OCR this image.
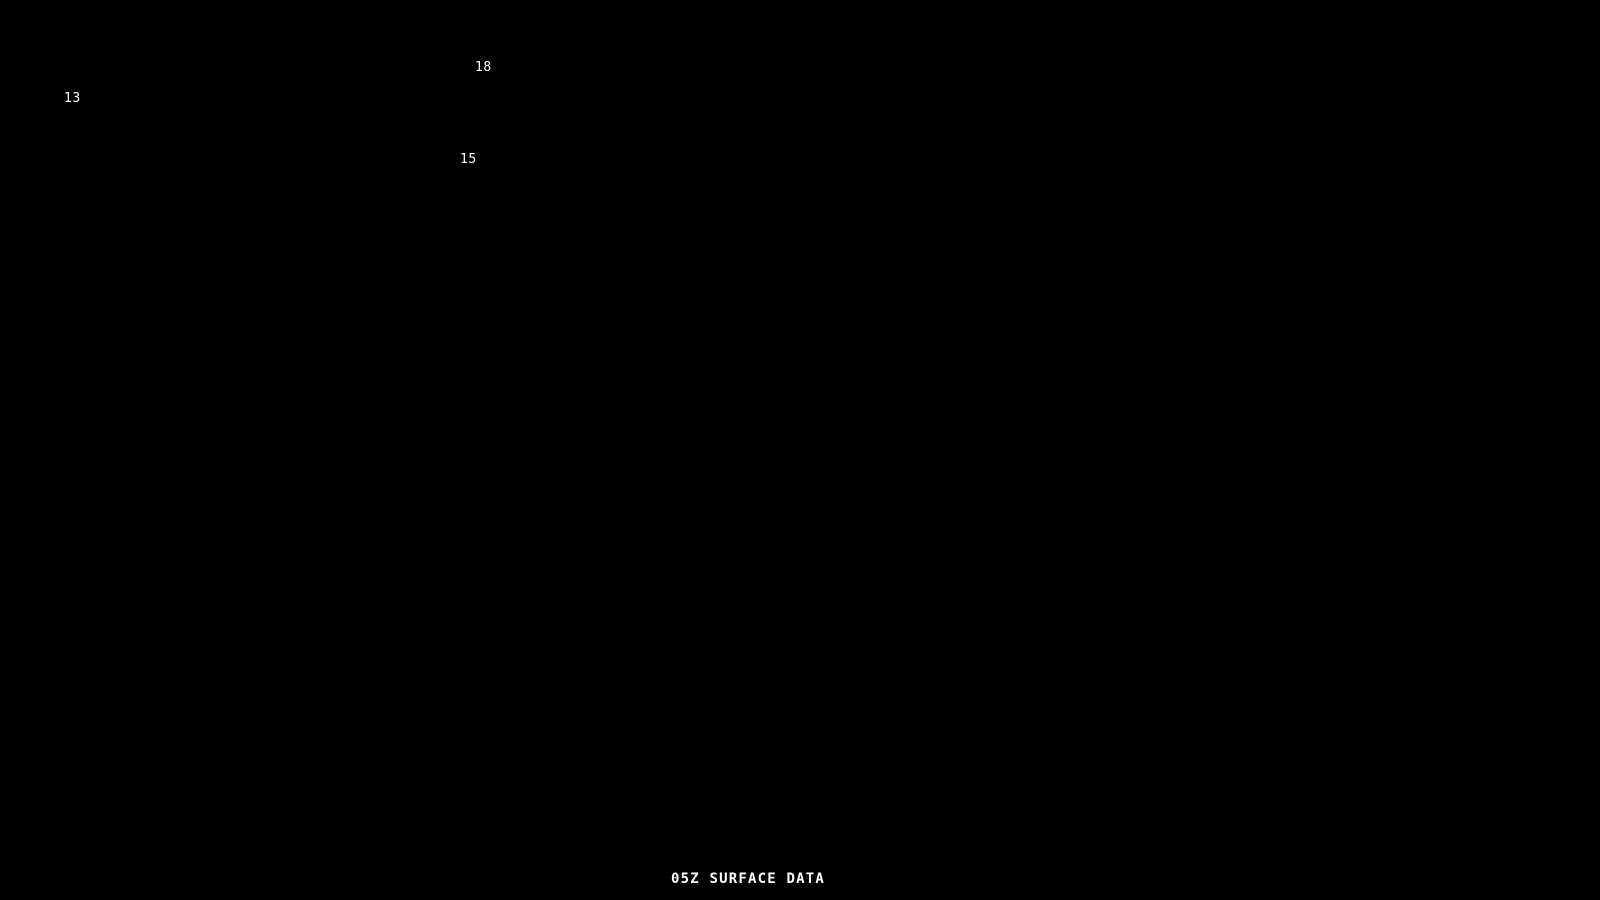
18
13
15
05Z SURFACE DATA
